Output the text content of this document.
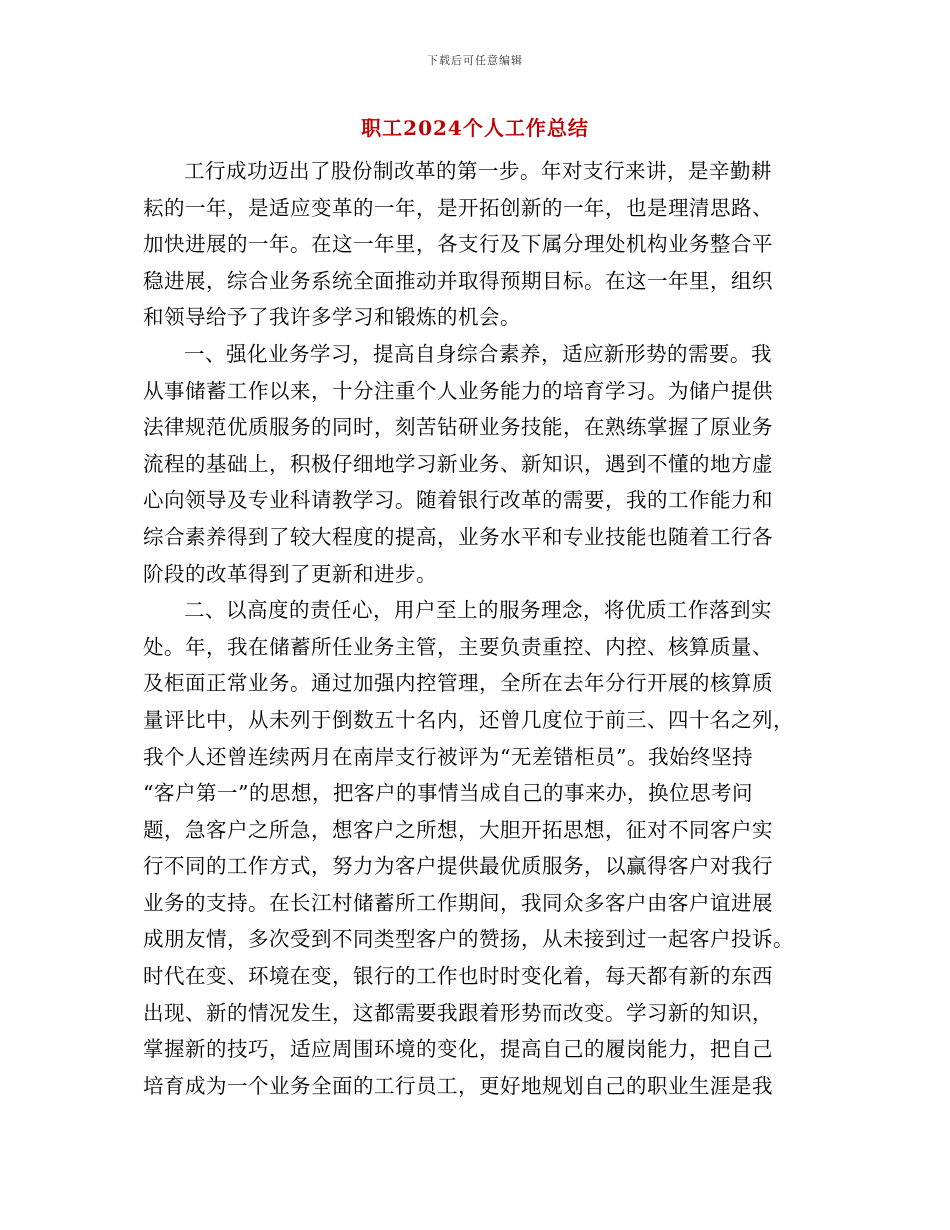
下载后可任意编辑
职工2024个人工作总结
工行成功迈出了股份制改革的第一步。年对支行来讲，是辛勤耕
耘的一年，是适应变革的一年，是开拓创新的一年，也是理清思路、
加快进展的一年。在这一年里，各支行及下属分理处机构业务整合平
稳进展，综合业务系统全面推动并取得预期目标。在这一年里，组织
和领导给予了我许多学习和锻炼的机会。
一、强化业务学习，提高自身综合素养，适应新形势的需要。我
从事储蓄工作以来，十分注重个人业务能力的培育学习。为储户提供
法律规范优质服务的同时，刻苦钻研业务技能，在熟练掌握了原业务
流程的基础上，积极仔细地学习新业务、新知识，遇到不懂的地方虚
心向领导及专业科请教学习。随着银行改革的需要，我的工作能力和
综合素养得到了较大程度的提高，业务水平和专业技能也随着工行各
阶段的改革得到了更新和进步。
二、以高度的责任心，用户至上的服务理念，将优质工作落到实
处。年，我在储蓄所任业务主管，主要负责重控、内控、核算质量、
及柜面正常业务。通过加强内控管理，全所在去年分行开展的核算质
量评比中，从未列于倒数五十名内，还曾几度位于前三、四十名之列，
我个人还曾连续两月在南岸支行被评为“无差错柜员”。我始终坚持
“客户第一”的思想，把客户的事情当成自己的事来办，换位思考问
题，急客户之所急，想客户之所想，大胆开拓思想，征对不同客户实
行不同的工作方式，努力为客户提供最优质服务，以赢得客户对我行
业务的支持。在长江村储蓄所工作期间，我同众多客户由客户谊进展
成朋友情，多次受到不同类型客户的赞扬，从未接到过一起客户投诉。
时代在变、环境在变，银行的工作也时时变化着，每天都有新的东西
出现、新的情况发生，这都需要我跟着形势而改变。学习新的知识，
掌握新的技巧，适应周围环境的变化，提高自己的履岗能力，把自己
培育成为一个业务全面的工行员工，更好地规划自己的职业生涯是我
